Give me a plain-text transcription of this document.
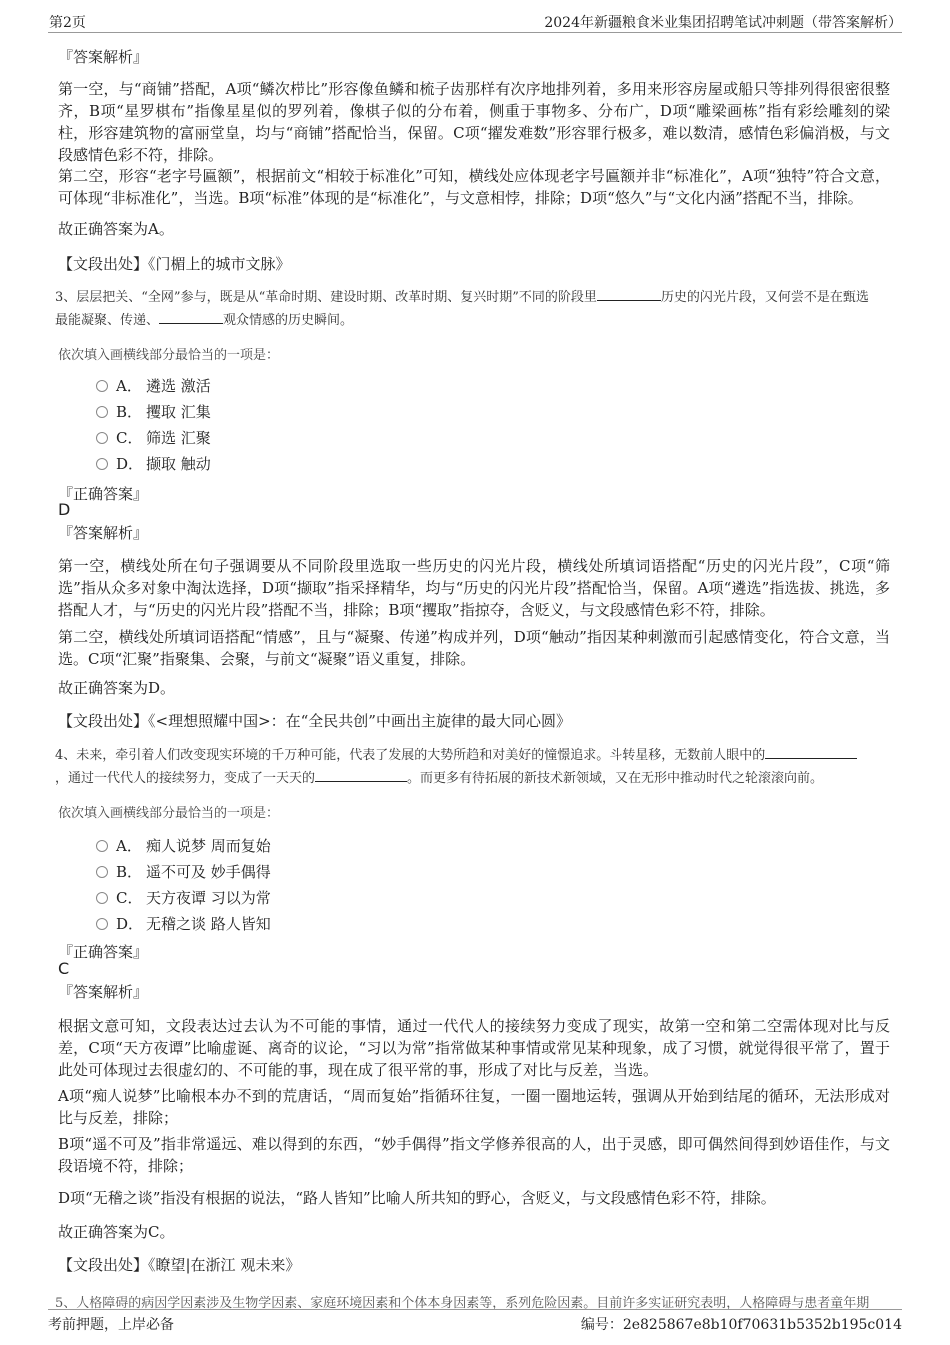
第2页	2024年新疆粮食米业集团招聘笔试冲刺题（带答案解析）
『答案解析』
第一空，与“商铺”搭配，A项“鳞次栉比”形容像鱼鳞和梳子齿那样有次序地排列着，多用来形容房屋或船只等排列得很密很整齐，B项“星罗棋布”指像星星似的罗列着，像棋子似的分布着，侧重于事物多、分布广，D项“雕梁画栋”指有彩绘雕刻的梁柱，形容建筑物的富丽堂皇，均与“商铺”搭配恰当，保留。C项“擢发难数”形容罪行极多，难以数清，感情色彩偏消极，与文段感情色彩不符，排除。
第二空，形容“老字号匾额”，根据前文“相较于标准化”可知，横线处应体现老字号匾额并非“标准化”，A项“独特”符合文意，可体现“非标准化”，当选。B项“标准”体现的是“标准化”，与文意相悖，排除；D项“悠久”与“文化内涵”搭配不当，排除。
故正确答案为A。
【文段出处】《门楣上的城市文脉》
3、层层把关、“全网”参与，既是从“革命时期、建设时期、改革时期、复兴时期”不同的阶段里	历史的闪光片段，又何尝不是在甄选
最能凝聚、传递、	观众情感的历史瞬间。
依次填入画横线部分最恰当的一项是：
A． 遴选 激活
B． 攫取 汇集
C． 筛选 汇聚
D． 撷取 触动
『正确答案』
D
『答案解析』
第一空，横线处所在句子强调要从不同阶段里选取一些历史的闪光片段，横线处所填词语搭配“历史的闪光片段”，C项“筛选”指从众多对象中淘汰选择，D项“撷取”指采择精华，均与“历史的闪光片段”搭配恰当，保留。A项“遴选”指选拔、挑选，多搭配人才，与“历史的闪光片段”搭配不当，排除；B项“攫取”指掠夺，含贬义，与文段感情色彩不符，排除。
第二空，横线处所填词语搭配“情感”，且与“凝聚、传递”构成并列，D项“触动”指因某种刺激而引起感情变化，符合文意，当选。C项“汇聚”指聚集、会聚，与前文“凝聚”语义重复，排除。
故正确答案为D。
【文段出处】《<理想照耀中国>：在“全民共创”中画出主旋律的最大同心圆》
4、未来，牵引着人们改变现实环境的千万种可能，代表了发展的大势所趋和对美好的憧憬追求。斗转星移，无数前人眼中的
，通过一代代人的接续努力，变成了一天天的	。而更多有待拓展的新技术新领域，又在无形中推动时代之轮滚滚向前。
依次填入画横线部分最恰当的一项是：
A． 痴人说梦 周而复始
B． 遥不可及 妙手偶得
C． 天方夜谭 习以为常
D． 无稽之谈 路人皆知
『正确答案』
C
『答案解析』
根据文意可知，文段表达过去认为不可能的事情，通过一代代人的接续努力变成了现实，故第一空和第二空需体现对比与反差，C项“天方夜谭”比喻虚诞、离奇的议论，“习以为常”指常做某种事情或常见某种现象，成了习惯，就觉得很平常了，置于此处可体现过去很虚幻的、不可能的事，现在成了很平常的事，形成了对比与反差，当选。
A项“痴人说梦”比喻根本办不到的荒唐话，“周而复始”指循环往复，一圈一圈地运转，强调从开始到结尾的循环，无法形成对比与反差，排除；
B项“遥不可及”指非常遥远、难以得到的东西，“妙手偶得”指文学修养很高的人，出于灵感，即可偶然间得到妙语佳作，与文段语境不符，排除；
D项“无稽之谈”指没有根据的说法，“路人皆知”比喻人所共知的野心，含贬义，与文段感情色彩不符，排除。
故正确答案为C。
【文段出处】《瞭望|在浙江 观未来》
5、人格障碍的病因学因素涉及生物学因素、家庭环境因素和个体本身因素等，系列危险因素。目前许多实证研究表明，人格障碍与患者童年期
考前押题，上岸必备	编号：2e825867e8b10f70631b5352b195c014
